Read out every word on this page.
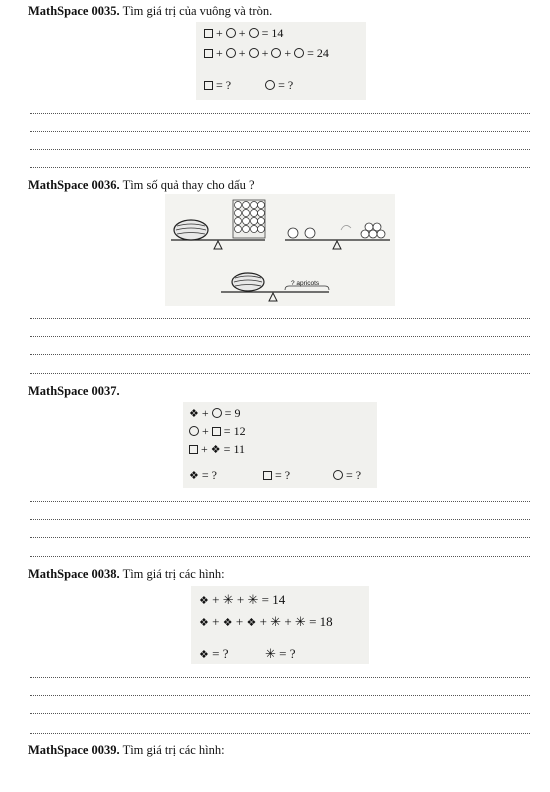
MathSpace 0035. Tìm giá trị của vuông và tròn.
+ + = 14
+ + + + = 24
= ?	= ?
MathSpace 0036. Tìm số quả thay cho dấu ?
? apricots
MathSpace 0037.
❖ + = 9
+ = 12
+ ❖ = 11
❖ = ?	= ?	= ?
MathSpace 0038. Tìm giá trị các hình:
❖ + ✳ + ✳ = 14
❖ + ❖ + ❖ + ✳ + ✳ = 18
❖ = ?	✳ = ?
MathSpace 0039. Tìm giá trị các hình:
